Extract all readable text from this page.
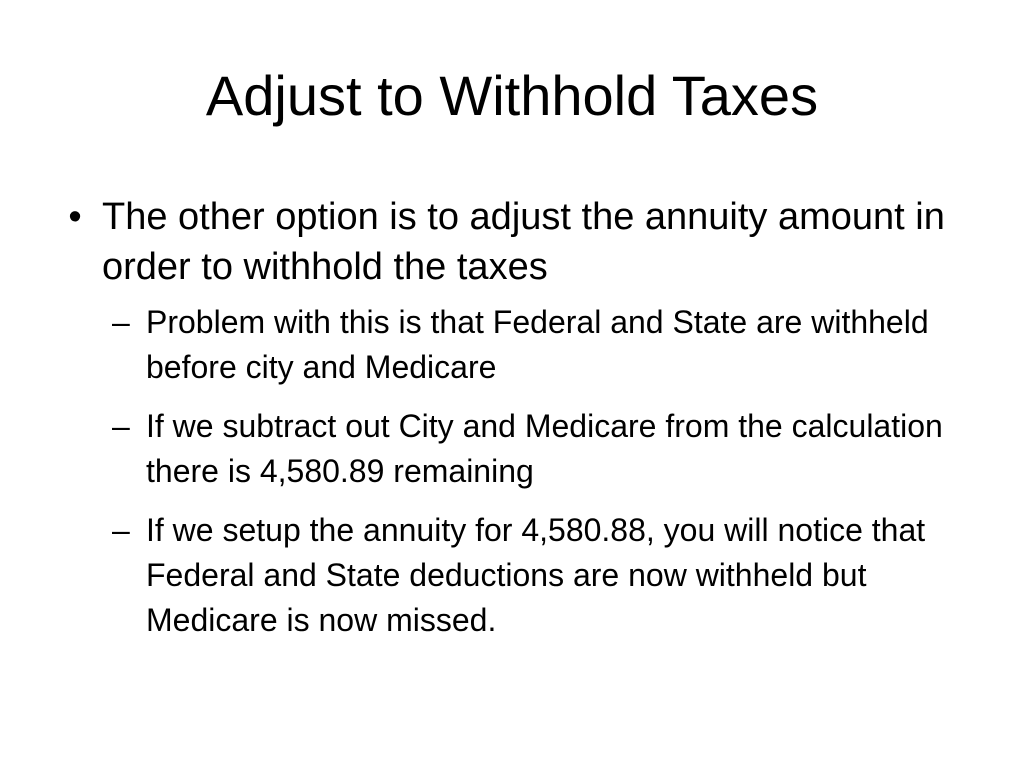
Adjust to Withhold Taxes
• The other option is to adjust the annuity amount in order to withhold the taxes
– Problem with this is that Federal and State are withheld before city and Medicare
– If we subtract out City and Medicare from the calculation there is 4,580.89 remaining
– If we setup the annuity for 4,580.88, you will notice that Federal and State deductions are now withheld but Medicare is now missed.
